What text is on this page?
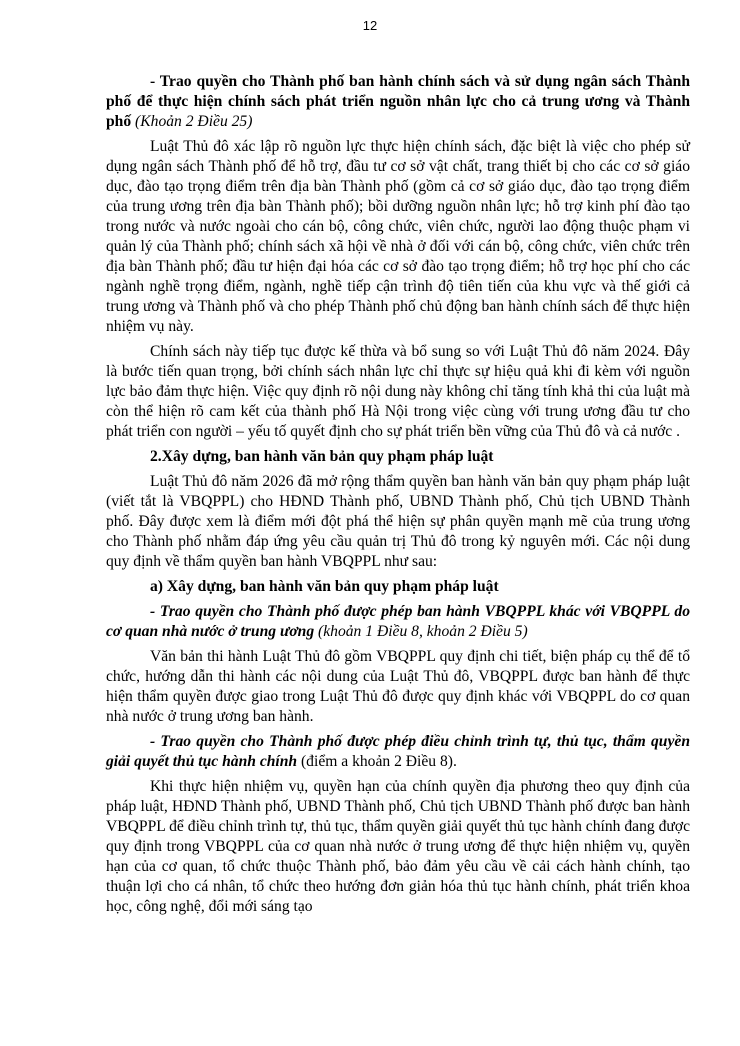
12

- Trao quyền cho Thành phố ban hành chính sách và sử dụng ngân sách Thành phố để thực hiện chính sách phát triển nguồn nhân lực cho cả trung ương và Thành phố (Khoản 2 Điều 25)

Luật Thủ đô xác lập rõ nguồn lực thực hiện chính sách, đặc biệt là việc cho phép sử dụng ngân sách Thành phố để hỗ trợ, đầu tư cơ sở vật chất, trang thiết bị cho các cơ sở giáo dục, đào tạo trọng điểm trên địa bàn Thành phố (gồm cả cơ sở giáo dục, đào tạo trọng điểm của trung ương trên địa bàn Thành phố); bồi dưỡng nguồn nhân lực; hỗ trợ kinh phí đào tạo trong nước và nước ngoài cho cán bộ, công chức, viên chức, người lao động thuộc phạm vi quản lý của Thành phố; chính sách xã hội về nhà ở đối với cán bộ, công chức, viên chức trên địa bàn Thành phố; đầu tư hiện đại hóa các cơ sở đào tạo trọng điểm; hỗ trợ học phí cho các ngành nghề trọng điểm, ngành, nghề tiếp cận trình độ tiên tiến của khu vực và thế giới cả trung ương và Thành phố và cho phép Thành phố chủ động ban hành chính sách để thực hiện nhiệm vụ này.

Chính sách này tiếp tục được kế thừa và bổ sung so với Luật Thủ đô năm 2024. Đây là bước tiến quan trọng, bởi chính sách nhân lực chỉ thực sự hiệu quả khi đi kèm với nguồn lực bảo đảm thực hiện. Việc quy định rõ nội dung này không chỉ tăng tính khả thi của luật mà còn thể hiện rõ cam kết của thành phố Hà Nội trong việc cùng với trung ương đầu tư cho phát triển con người – yếu tố quyết định cho sự phát triển bền vững của Thủ đô và cả nước .

2.Xây dựng, ban hành văn bản quy phạm pháp luật

Luật Thủ đô năm 2026 đã mở rộng thẩm quyền ban hành văn bản quy phạm pháp luật (viết tắt là VBQPPL) cho HĐND Thành phố, UBND Thành phố, Chủ tịch UBND Thành phố. Đây được xem là điểm mới đột phá thể hiện sự phân quyền mạnh mẽ của trung ương cho Thành phố nhằm đáp ứng yêu cầu quản trị Thủ đô trong kỷ nguyên mới. Các nội dung quy định về thẩm quyền ban hành VBQPPL như sau:

a) Xây dựng, ban hành văn bản quy phạm pháp luật

- Trao quyền cho Thành phố được phép ban hành VBQPPL khác với VBQPPL do cơ quan nhà nước ở trung ương (khoản 1 Điều 8, khoản 2 Điều 5)

Văn bản thi hành Luật Thủ đô gồm VBQPPL quy định chi tiết, biện pháp cụ thể để tổ chức, hướng dẫn thi hành các nội dung của Luật Thủ đô, VBQPPL được ban hành để thực hiện thẩm quyền được giao trong Luật Thủ đô được quy định khác với VBQPPL do cơ quan nhà nước ở trung ương ban hành.

- Trao quyền cho Thành phố được phép điều chỉnh trình tự, thủ tục, thẩm quyền giải quyết thủ tục hành chính (điểm a khoản 2 Điều 8).

Khi thực hiện nhiệm vụ, quyền hạn của chính quyền địa phương theo quy định của pháp luật, HĐND Thành phố, UBND Thành phố, Chủ tịch UBND Thành phố được ban hành VBQPPL để điều chỉnh trình tự, thủ tục, thẩm quyền giải quyết thủ tục hành chính đang được quy định trong VBQPPL của cơ quan nhà nước ở trung ương để thực hiện nhiệm vụ, quyền hạn của cơ quan, tổ chức thuộc Thành phố, bảo đảm yêu cầu về cải cách hành chính, tạo thuận lợi cho cá nhân, tổ chức theo hướng đơn giản hóa thủ tục hành chính, phát triển khoa học, công nghệ, đổi mới sáng tạo
